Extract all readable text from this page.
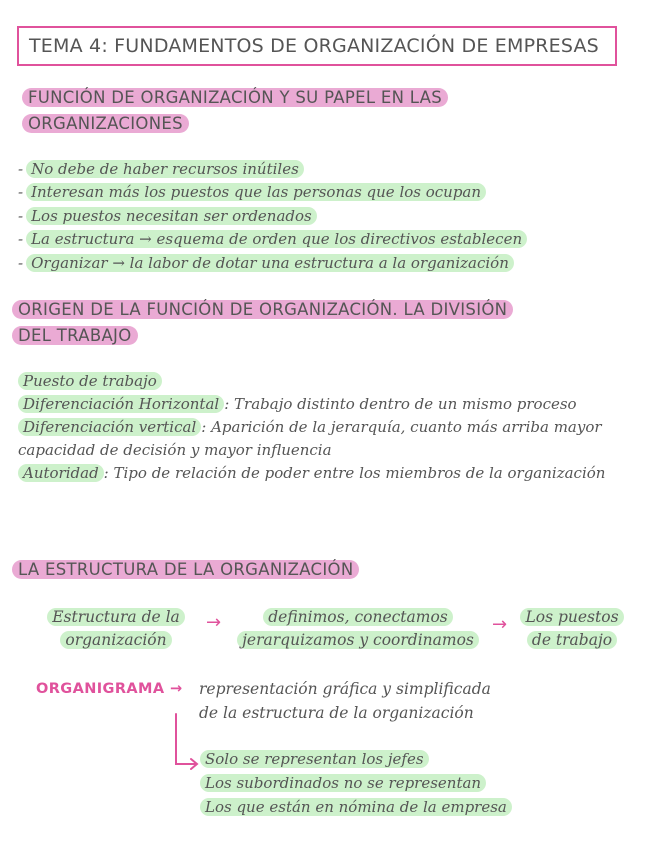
TEMA 4: FUNDAMENTOS DE ORGANIZACIÓN DE EMPRESAS
FUNCIÓN DE ORGANIZACIÓN Y SU PAPEL EN LAS
ORGANIZACIONES
- No debe de haber recursos inútiles
- Interesan más los puestos que las personas que los ocupan
- Los puestos necesitan ser ordenados
- La estructura → esquema de orden que los directivos establecen
- Organizar → la labor de dotar una estructura a la organización
ORIGEN DE LA FUNCIÓN DE ORGANIZACIÓN. LA DIVISIÓN
DEL TRABAJO

Puesto de trabajo

Diferenciación Horizontal : Trabajo distinto dentro de un mismo proceso

Diferenciación vertical : Aparición de la jerarquía, cuanto más arriba mayor capacidad de decisión y mayor influencia

Autoridad : Tipo de relación de poder entre los miembros de la organización

LA ESTRUCTURA DE LA ORGANIZACIÓN
Estructura de la
organización
→	definimos, conectamos
jerarquizamos y coordinamos
→	Los puestos
de trabajo
ORGANIGRAMA → representación gráfica y simplificada

de la estructura de la organización

Solo se representan los jefes
Los subordinados no se representan
Los que están en nómina de la empresa
